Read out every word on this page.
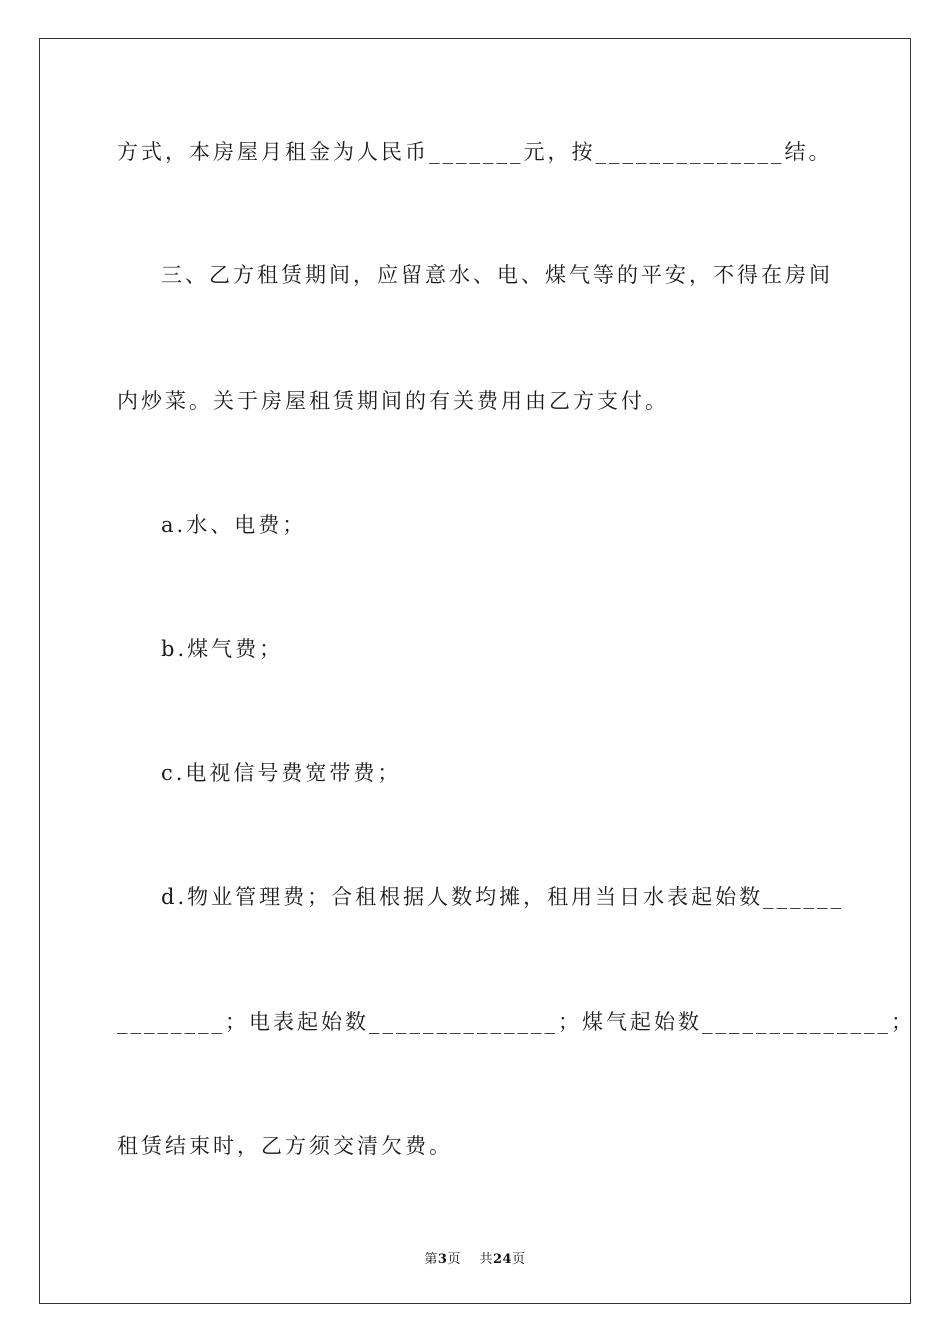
方式，本房屋月租金为人民币_______元，按______________结。
三、乙方租赁期间，应留意水、电、煤气等的平安，不得在房间
内炒菜。关于房屋租赁期间的有关费用由乙方支付。
a.水、电费；
b.煤气费；
c.电视信号费宽带费；
d.物业管理费；合租根据人数均摊，租用当日水表起始数______
________；电表起始数______________；煤气起始数______________；
租赁结束时，乙方须交清欠费。
第3页 共24页
